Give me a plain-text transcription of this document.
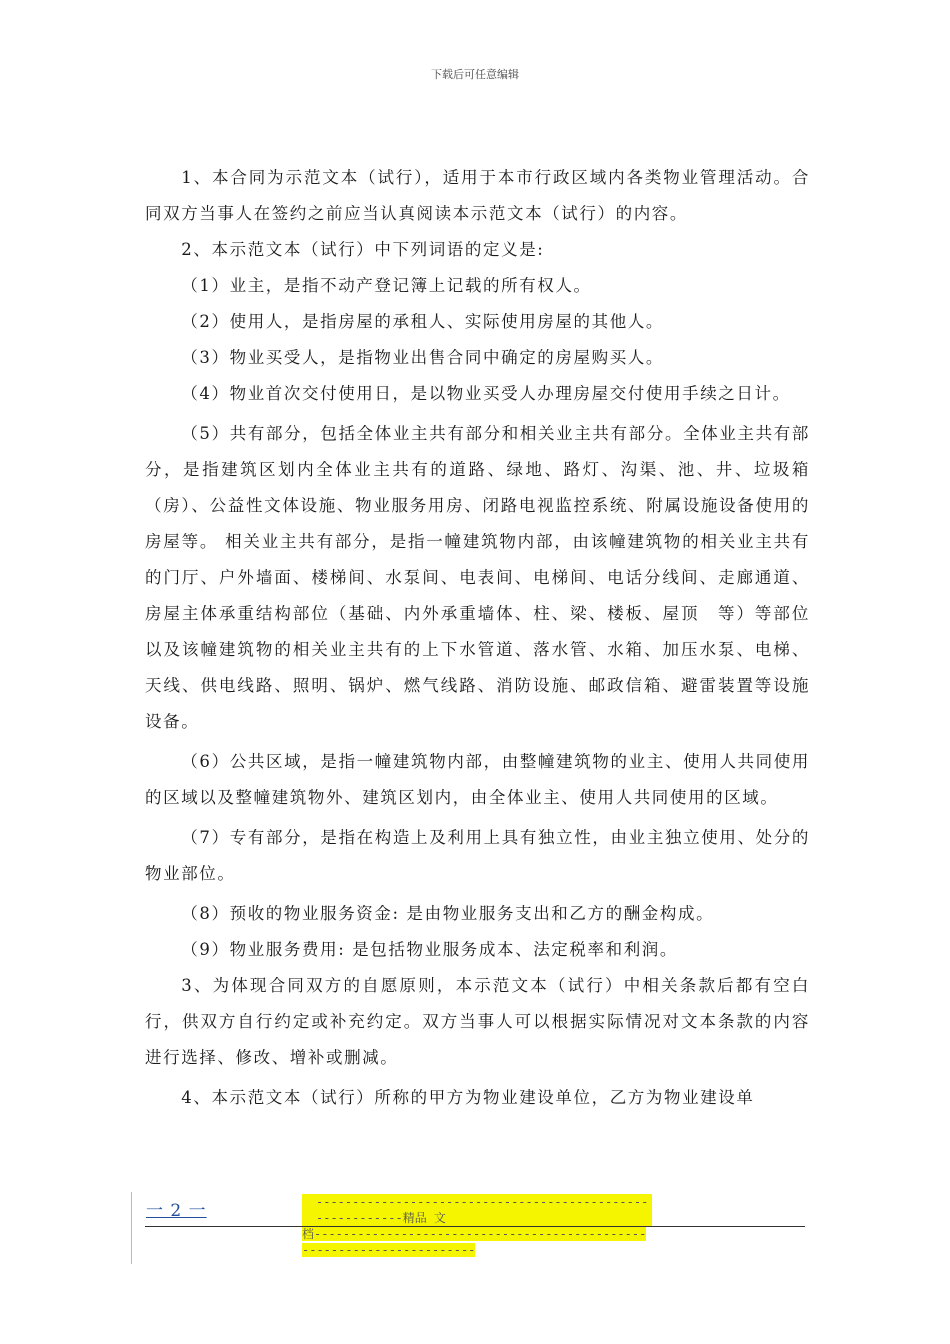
下载后可任意编辑

1、本合同为示范文本（试行），适用于本市行政区域内各类物业管理活动。合同双方当事人在签约之前应当认真阅读本示范文本（试行）的内容。

2、本示范文本（试行）中下列词语的定义是:

（1）业主，是指不动产登记簿上记载的所有权人。

（2）使用人，是指房屋的承租人、实际使用房屋的其他人。

（3）物业买受人，是指物业出售合同中确定的房屋购买人。

（4）物业首次交付使用日，是以物业买受人办理房屋交付使用手续之日计。

（5）共有部分，包括全体业主共有部分和相关业主共有部分。全体业主共有部分，是指建筑区划内全体业主共有的道路、绿地、路灯、沟渠、池、井、垃圾箱（房）、公益性文体设施、物业服务用房、闭路电视监控系统、附属设施设备使用的房屋等。 相关业主共有部分，是指一幢建筑物内部，由该幢建筑物的相关业主共有的门厅、户外墙面、楼梯间、水泵间、电表间、电梯间、电话分线间、走廊通道、房屋主体承重结构部位（基础、内外承重墙体、柱、梁、楼板、屋顶　等）等部位以及该幢建筑物的相关业主共有的上下水管道、落水管、水箱、加压水泵、电梯、天线、供电线路、照明、锅炉、燃气线路、消防设施、邮政信箱、避雷装置等设施设备。

（6）公共区域，是指一幢建筑物内部，由整幢建筑物的业主、使用人共同使用的区域以及整幢建筑物外、建筑区划内，由全体业主、使用人共同使用的区域。

（7）专有部分，是指在构造上及利用上具有独立性，由业主独立使用、处分的物业部位。

（8）预收的物业服务资金: 是由物业服务支出和乙方的酬金构成。

（9）物业服务费用: 是包括物业服务成本、法定税率和利润。

3、为体现合同双方的自愿原则，本示范文本（试行）中相关条款后都有空白行，供双方自行约定或补充约定。双方当事人可以根据实际情况对文本条款的内容进行选择、修改、增补或删减。

4、本示范文本（试行）所称的甲方为物业建设单位，乙方为物业建设单

一 2 一	----------------------------------------------------------精品 文
档----------------------------------------------------------------------
